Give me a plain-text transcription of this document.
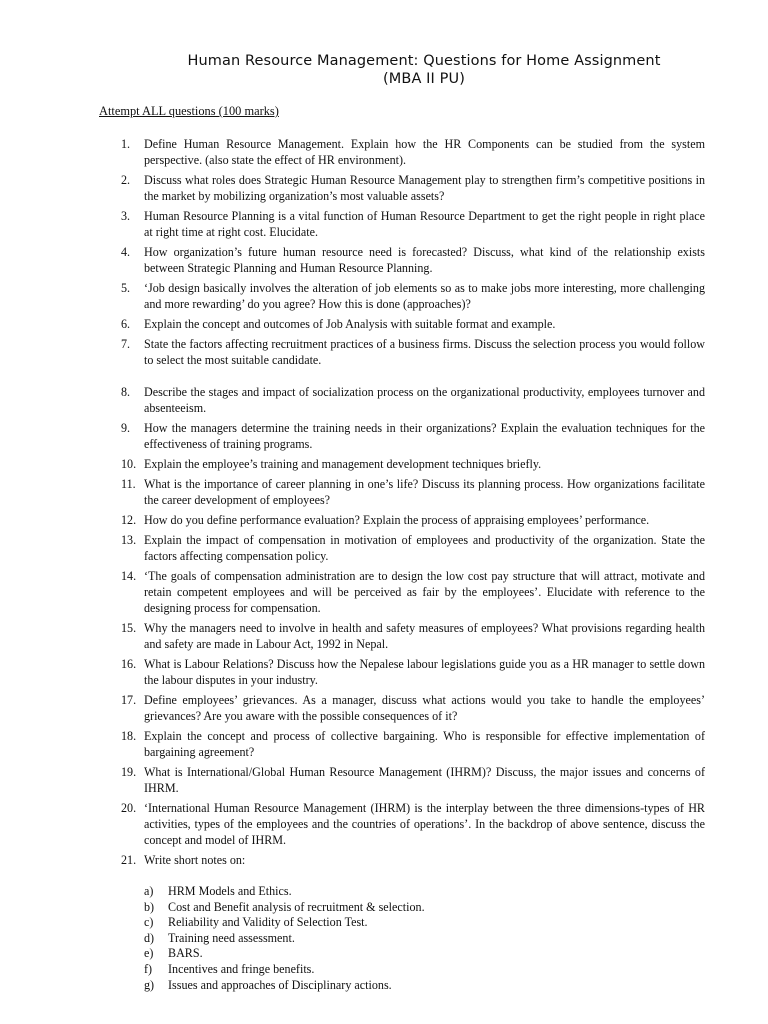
Human Resource Management: Questions for Home Assignment
(MBA II PU)
Attempt ALL questions (100 marks)
1. Define Human Resource Management. Explain how the HR Components can be studied from the system perspective. (also state the effect of HR environment).
2. Discuss what roles does Strategic Human Resource Management play to strengthen firm’s competitive positions in the market by mobilizing organization’s most valuable assets?
3. Human Resource Planning is a vital function of Human Resource Department to get the right people in right place at right time at right cost. Elucidate.
4. How organization’s future human resource need is forecasted? Discuss, what kind of the relationship exists between Strategic Planning and Human Resource Planning.
5. ‘Job design basically involves the alteration of job elements so as to make jobs more interesting, more challenging and more rewarding’ do you agree? How this is done (approaches)?
6. Explain the concept and outcomes of Job Analysis with suitable format and example.
7. State the factors affecting recruitment practices of a business firms. Discuss the selection process you would follow to select the most suitable candidate.
8. Describe the stages and impact of socialization process on the organizational productivity, employees turnover and absenteeism.
9. How the managers determine the training needs in their organizations? Explain the evaluation techniques for the effectiveness of training programs.
10. Explain the employee’s training and management development techniques briefly.
11. What is the importance of career planning in one’s life? Discuss its planning process. How organizations facilitate the career development of employees?
12. How do you define performance evaluation? Explain the process of appraising employees’ performance.
13. Explain the impact of compensation in motivation of employees and productivity of the organization. State the factors affecting compensation policy.
14. ‘The goals of compensation administration are to design the low cost pay structure that will attract, motivate and retain competent employees and will be perceived as fair by the employees’. Elucidate with reference to the designing process for compensation.
15. Why the managers need to involve in health and safety measures of employees? What provisions regarding health and safety are made in Labour Act, 1992 in Nepal.
16. What is Labour Relations? Discuss how the Nepalese labour legislations guide you as a HR manager to settle down the labour disputes in your industry.
17. Define employees’ grievances. As a manager, discuss what actions would you take to handle the employees’ grievances? Are you aware with the possible consequences of it?
18. Explain the concept and process of collective bargaining. Who is responsible for effective implementation of bargaining agreement?
19. What is International/Global Human Resource Management (IHRM)? Discuss, the major issues and concerns of IHRM.
20. ‘International Human Resource Management (IHRM) is the interplay between the three dimensions-types of HR activities, types of the employees and the countries of operations’. In the backdrop of above sentence, discuss the concept and model of IHRM.
21. Write short notes on:
a) HRM Models and Ethics.
b) Cost and Benefit analysis of recruitment & selection.
c) Reliability and Validity of Selection Test.
d) Training need assessment.
e) BARS.
f) Incentives and fringe benefits.
g) Issues and approaches of Disciplinary actions.
